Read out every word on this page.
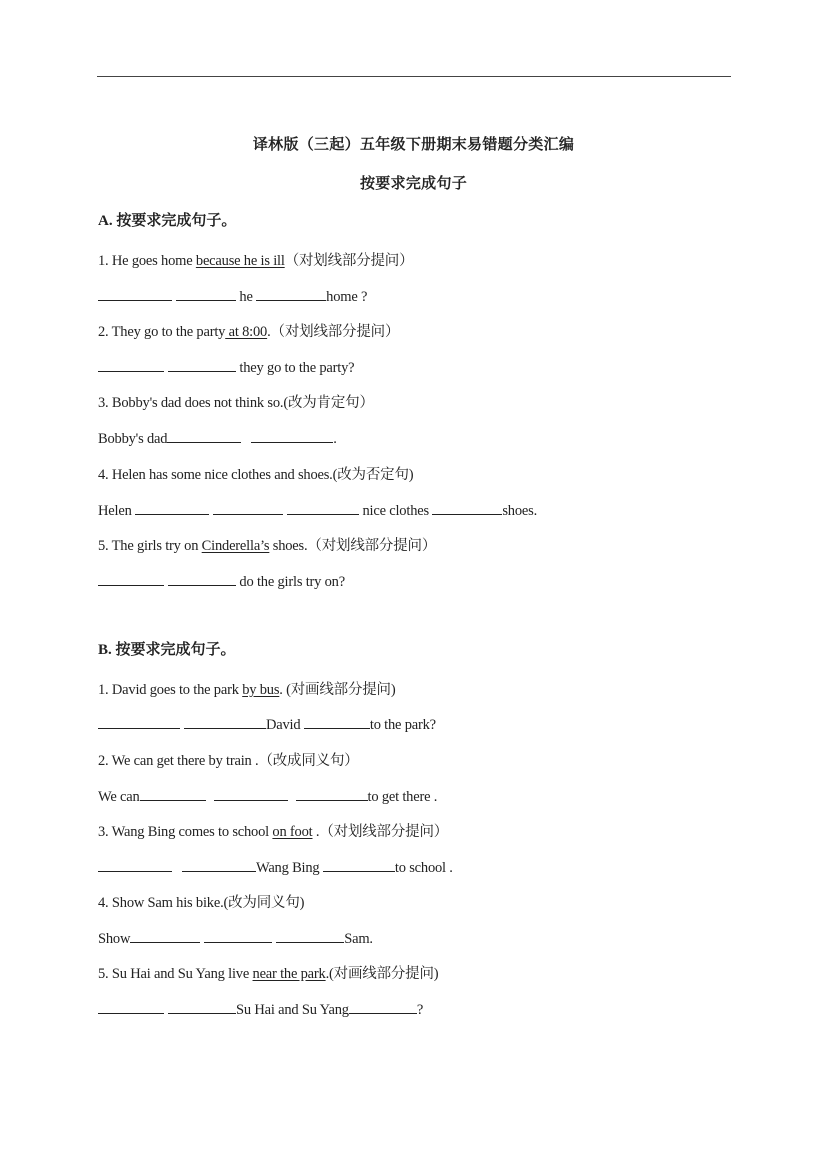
译林版（三起）五年级下册期末易错题分类汇编
按要求完成句子
A. 按要求完成句子。
1. He goes home because he is ill（对划线部分提问）
he	home ?
2. They go to the party at 8:00.（对划线部分提问）
they go to the party?
3. Bobby's dad does not think so.(改为肯定句）
Bobby's dad	.
4. Helen has some nice clothes and shoes.(改为否定句)
Helen	nice clothes	shoes.
5. The girls try on Cinderella’s shoes.（对划线部分提问）
do the girls try on?
B. 按要求完成句子。
1. David goes to the park by bus. (对画线部分提问)
David	to the park?
2. We can get there by train .（改成同义句）
We can	to get there .
3. Wang Bing comes to school on foot .（对划线部分提问）
Wang Bing	to school .
4. Show Sam his bike.(改为同义句)
Show	Sam.
5. Su Hai and Su Yang live near the park.(对画线部分提问)
Su Hai and Su Yang	?
